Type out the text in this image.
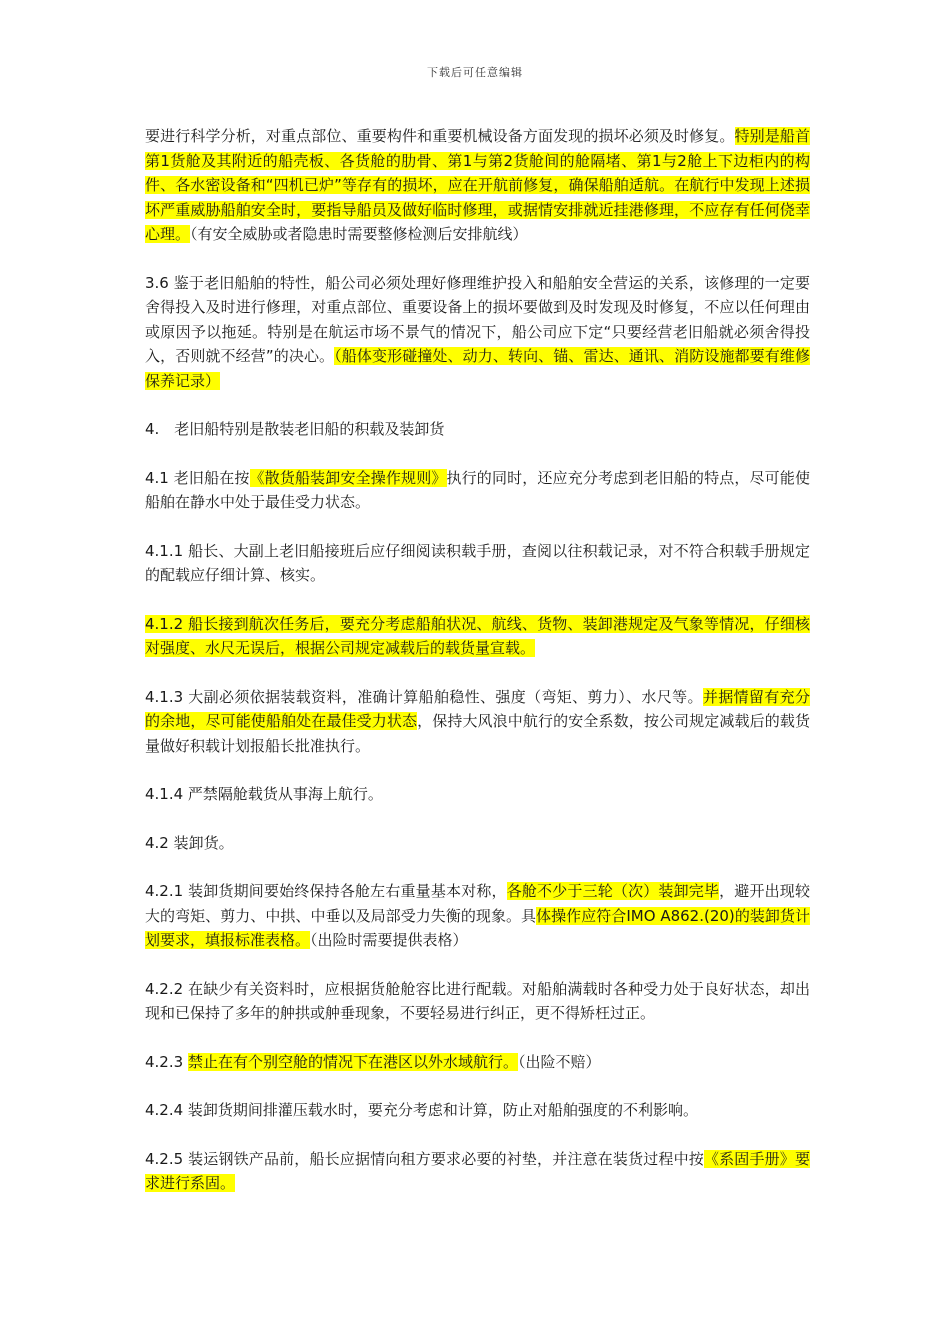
下载后可任意编辑

要进行科学分析，对重点部位、重要构件和重要机械设备方面发现的损坏必须及时修复。特别是船首第1货舱及其附近的船壳板、各货舱的肋骨、第1与第2货舱间的舱隔堵、第1与2舱上下边柜内的构件、各水密设备和“四机已炉”等存有的损坏，应在开航前修复，确保船舶适航。在航行中发现上述损坏严重威胁船舶安全时，要指导船员及做好临时修理，或据情安排就近挂港修理，不应存有任何侥幸心理。（有安全威胁或者隐患时需要整修检测后安排航线）

3.6 鉴于老旧船舶的特性，船公司必须处理好修理维护投入和船舶安全营运的关系，该修理的一定要舍得投入及时进行修理，对重点部位、重要设备上的损坏要做到及时发现及时修复，不应以任何理由或原因予以拖延。特别是在航运市场不景气的情况下，船公司应下定“只要经营老旧船就必须舍得投入，否则就不经营”的决心。（船体变形碰撞处、动力、转向、锚、雷达、通讯、消防设施都要有维修保养记录）

4.　老旧船特别是散装老旧船的积载及装卸货

4.1 老旧船在按《散货船装卸安全操作规则》执行的同时，还应充分考虑到老旧船的特点，尽可能使船舶在静水中处于最佳受力状态。

4.1.1 船长、大副上老旧船接班后应仔细阅读积载手册，查阅以往积载记录，对不符合积载手册规定的配载应仔细计算、核实。

4.1.2 船长接到航次任务后，要充分考虑船舶状况、航线、货物、装卸港规定及气象等情况，仔细核对强度、水尺无误后，根据公司规定减载后的载货量宣载。

4.1.3 大副必须依据装载资料，准确计算船舶稳性、强度（弯矩、剪力）、水尺等。并据情留有充分的余地，尽可能使船舶处在最佳受力状态，保持大风浪中航行的安全系数，按公司规定减载后的载货量做好积载计划报船长批准执行。

4.1.4 严禁隔舱载货从事海上航行。

4.2 装卸货。

4.2.1 装卸货期间要始终保持各舱左右重量基本对称，各舱不少于三轮（次）装卸完毕，避开出现较大的弯矩、剪力、中拱、中垂以及局部受力失衡的现象。具体操作应符合IMO A862.(20)的装卸货计划要求，填报标准表格。（出险时需要提供表格）

4.2.2 在缺少有关资料时，应根据货舱舱容比进行配载。对船舶满载时各种受力处于良好状态，却出现和已保持了多年的舯拱或舯垂现象，不要轻易进行纠正，更不得矫枉过正。

4.2.3 禁止在有个别空舱的情况下在港区以外水域航行。（出险不赔）

4.2.4 装卸货期间排灌压载水时，要充分考虑和计算，防止对船舶强度的不利影响。

4.2.5 装运钢铁产品前，船长应据情向租方要求必要的衬垫，并注意在装货过程中按《系固手册》要求进行系固。
